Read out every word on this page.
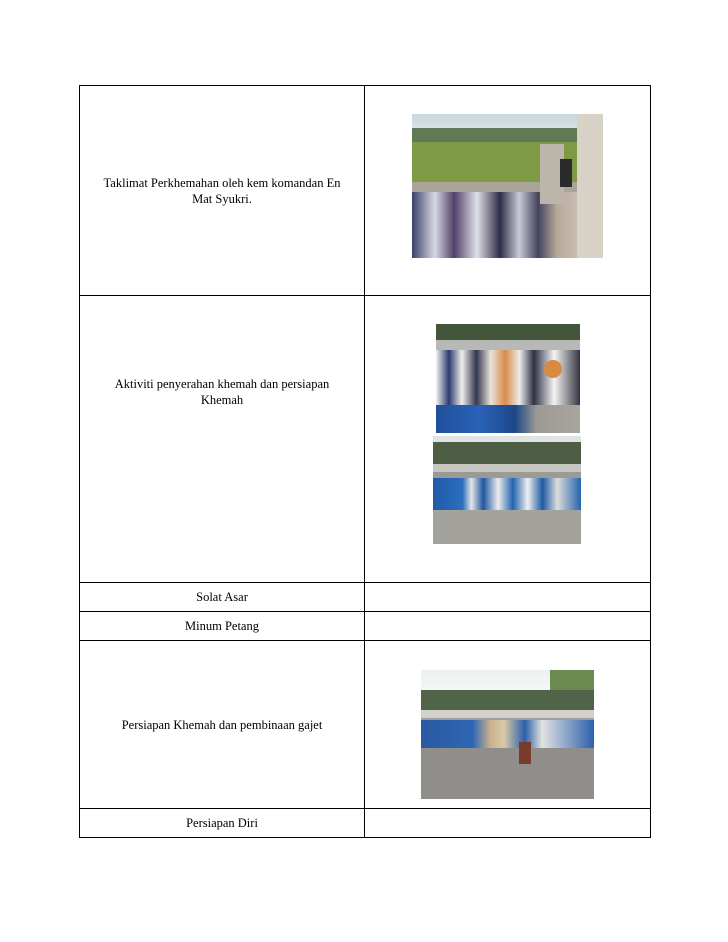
Taklimat Perkhemahan oleh kem komandan En Mat Syukri.	

Aktiviti penyerahan khemah dan persiapan Khemah	

Solat Asar	

Minum Petang	

Persiapan Khemah dan pembinaan gajet	

Persiapan Diri	
